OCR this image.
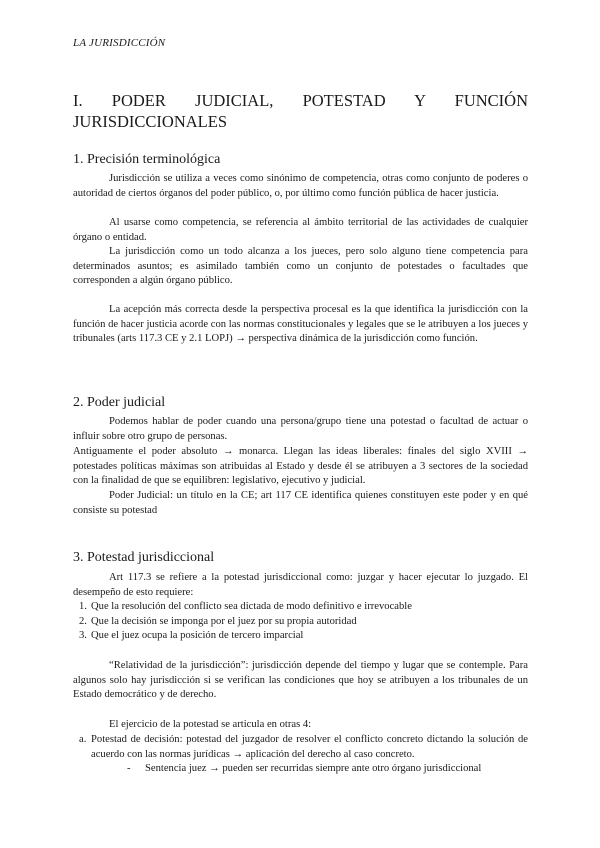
LA JURISDICCIÓN
I. PODER JUDICIAL, POTESTAD Y FUNCIÓN JURISDICCIONALES
1. Precisión terminológica

Jurisdicción se utiliza a veces como sinónimo de competencia, otras como conjunto de poderes o autoridad de ciertos órganos del poder público, o, por último como función pública de hacer justicia.

Al usarse como competencia, se referencia al ámbito territorial de las actividades de cualquier órgano o entidad.

La jurisdicción como un todo alcanza a los jueces, pero solo alguno tiene competencia para determinados asuntos; es asimilado también como un conjunto de potestades o facultades que corresponden a algún órgano público.

La acepción más correcta desde la perspectiva procesal es la que identifica la jurisdicción con la función de hacer justicia acorde con las normas constitucionales y legales que se le atribuyen a los jueces y tribunales (arts 117.3 CE y 2.1 LOPJ) → perspectiva dinámica de la jurisdicción como función.

2. Poder judicial

Podemos hablar de poder cuando una persona/grupo tiene una potestad o facultad de actuar o influir sobre otro grupo de personas.

Antiguamente el poder absoluto → monarca. Llegan las ideas liberales: finales del siglo XVIII → potestades políticas máximas son atribuidas al Estado y desde él se atribuyen a 3 sectores de la sociedad con la finalidad de que se equilibren: legislativo, ejecutivo y judicial.

Poder Judicial: un título en la CE; art 117 CE identifica quienes constituyen este poder y en qué consiste su potestad

3. Potestad jurisdiccional

Art 117.3 se refiere a la potestad jurisdiccional como: juzgar y hacer ejecutar lo juzgado. El desempeño de esto requiere:

1. Que la resolución del conflicto sea dictada de modo definitivo e irrevocable
2. Que la decisión se imponga por el juez por su propia autoridad
3. Que el juez ocupa la posición de tercero imparcial

“Relatividad de la jurisdicción”: jurisdicción depende del tiempo y lugar que se contemple. Para algunos solo hay jurisdicción si se verifican las condiciones que hoy se atribuyen a los tribunales de un Estado democrático y de derecho.

El ejercicio de la potestad se articula en otras 4:

a. Potestad de decisión: potestad del juzgador de resolver el conflicto concreto dictando la solución de acuerdo con las normas jurídicas → aplicación del derecho al caso concreto.
- Sentencia juez → pueden ser recurridas siempre ante otro órgano jurisdiccional
